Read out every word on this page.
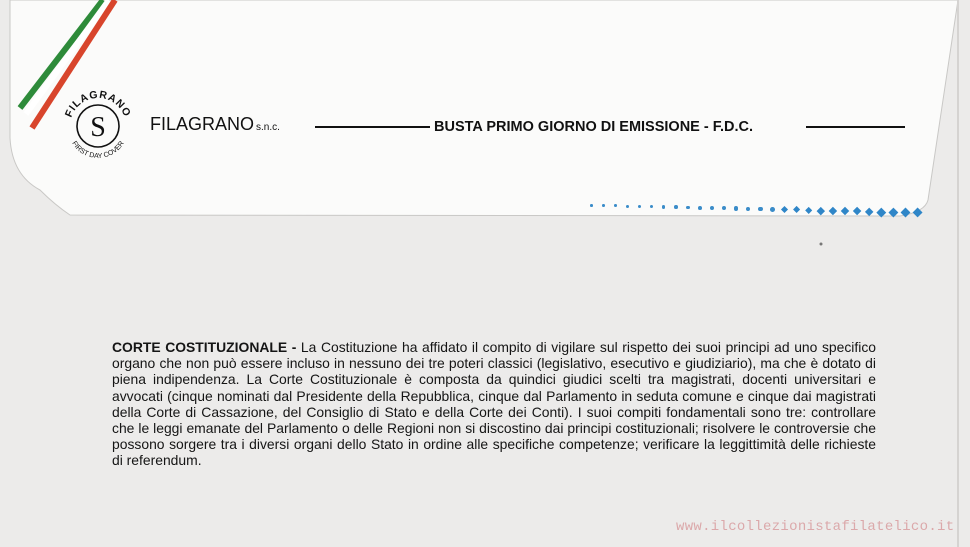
FILAGRANO
S
FIRST DAY COVER
FILAGRANO s.n.c.	BUSTA PRIMO GIORNO DI EMISSIONE - F.D.C.
CORTE COSTITUZIONALE - La Costituzione ha affidato il compito di vigilare sul rispetto dei suoi principi ad uno specifico organo che non può essere incluso in nessuno dei tre poteri classici (legislativo, esecutivo e giudiziario), ma che è dotato di piena indipendenza. La Corte Costituzionale è composta da quindici giudici scelti tra magistrati, docenti universitari e avvocati (cinque nominati dal Presidente della Repubblica, cinque dal Parlamento in seduta comune e cinque dai magistrati della Corte di Cassazione, del Consiglio di Stato e della Corte dei Conti). I suoi compiti fondamentali sono tre: controllare che le leggi emanate del Parlamento o delle Regioni non si discostino dai principi costituzionali; risolvere le controversie che possono sorgere tra i diversi organi dello Stato in ordine alle specifiche competenze; verificare la leggittimità delle richieste di referendum.
www.ilcollezionistafilatelico.it
